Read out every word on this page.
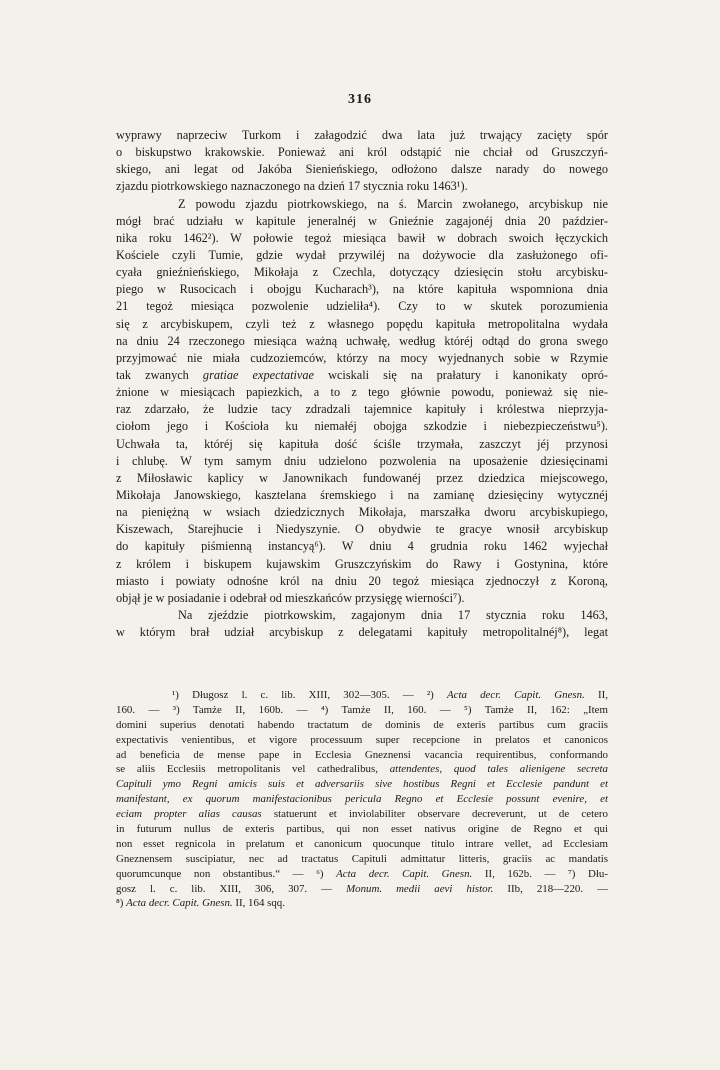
316
wyprawy naprzeciw Turkom i załagodzić dwa lata już trwający zacięty spór
o biskupstwo krakowskie. Ponieważ ani król odstąpić nie chciał od Gruszczyń-
skiego, ani legat od Jakóba Sienieńskiego, odłożono dalsze narady do nowego
zjazdu piotrkowskiego naznaczonego na dzień 17 stycznia roku 1463¹).
Z powodu zjazdu piotrkowskiego, na ś. Marcin zwołanego, arcybiskup nie
mógł brać udziału w kapitule jeneralnéj w Gnieźnie zagajonéj dnia 20 paździer-
nika roku 1462²). W połowie tegoż miesiąca bawił w dobrach swoich łęczyckich
Kościele czyli Tumie, gdzie wydał przywiléj na dożywocie dla zasłużonego ofi-
cyała gnieźnieńskiego, Mikołaja z Czechla, dotyczący dziesięcin stołu arcybisku-
piego w Rusocicach i obojgu Kucharach³), na które kapituła wspomniona dnia
21 tegoż miesiąca pozwolenie udzieliła⁴). Czy to w skutek porozumienia
się z arcybiskupem, czyli też z własnego popędu kapituła metropolitalna wydała
na dniu 24 rzeczonego miesiąca ważną uchwałę, według któréj odtąd do grona swego
przyjmować nie miała cudzoziemców, którzy na mocy wyjednanych sobie w Rzymie
tak zwanych gratiae expectativae wciskali się na prałatury i kanonikaty opró-
żnione w miesiącach papiezkich, a to z tego głównie powodu, ponieważ się nie-
raz zdarzało, że ludzie tacy zdradzali tajemnice kapituły i królestwa nieprzyja-
ciołom jego i Kościoła ku niemałéj obojga szkodzie i niebezpieczeństwu⁵).
Uchwała ta, któréj się kapituła dość ściśle trzymała, zaszczyt jéj przynosi
i chlubę. W tym samym dniu udzielono pozwolenia na uposażenie dziesięcinami
z Miłosławic kaplicy w Janownikach fundowanéj przez dziedzica miejscowego,
Mikołaja Janowskiego, kasztelana śremskiego i na zamianę dziesięciny wytycznéj
na pieniężną w wsiach dziedzicznych Mikołaja, marszałka dworu arcybiskupiego,
Kiszewach, Starejhucie i Niedyszynie. O obydwie te gracye wnosił arcybiskup
do kapituły piśmienną instancyą⁶). W dniu 4 grudnia roku 1462 wyjechał
z królem i biskupem kujawskim Gruszczyńskim do Rawy i Gostynina, które
miasto i powiaty odnośne król na dniu 20 tegoż miesiąca zjednoczył z Koroną,
objął je w posiadanie i odebrał od mieszkańców przysięgę wierności⁷).
Na zjeździe piotrkowskim, zagajonym dnia 17 stycznia roku 1463,
w którym brał udział arcybiskup z delegatami kapituły metropolitalnéj⁸), legat
¹) Długosz l. c. lib. XIII, 302—305. — ²) Acta decr. Capit. Gnesn. II,
160. — ³) Tamże II, 160b. — ⁴) Tamże II, 160. — ⁵) Tamże II, 162: „Item
domini superius denotati habendo tractatum de dominis de exteris partibus cum graciis
expectativis venientibus, et vigore processuum super recepcione in prelatos et canonicos
ad beneficia de mense pape in Ecclesia Gneznensi vacancia requirentibus, conformando
se aliis Ecclesiis metropolitanis vel cathedralibus, attendentes, quod tales alienigene secreta
Capituli ymo Regni amicis suis et adversariis sive hostibus Regni et Ecclesie pandunt et
manifestant, ex quorum manifestacionibus pericula Regno et Ecclesie possunt evenire, et
eciam propter alias causas statuerunt et inviolabiliter observare decreverunt, ut de cetero
in futurum nullus de exteris partibus, qui non esset nativus origine de Regno et qui
non esset regnicola in prelatum et canonicum quocunque titulo intrare vellet, ad Ecclesiam
Gneznensem suscipiatur, nec ad tractatus Capituli admittatur litteris, graciis ac mandatis
quorumcunque non obstantibus.“ — ⁶) Acta decr. Capit. Gnesn. II, 162b. — ⁷) Dłu-
gosz l. c. lib. XIII, 306, 307. — Monum. medii aevi histor. IIb, 218—220. —
⁸) Acta decr. Capit. Gnesn. II, 164 sqq.
